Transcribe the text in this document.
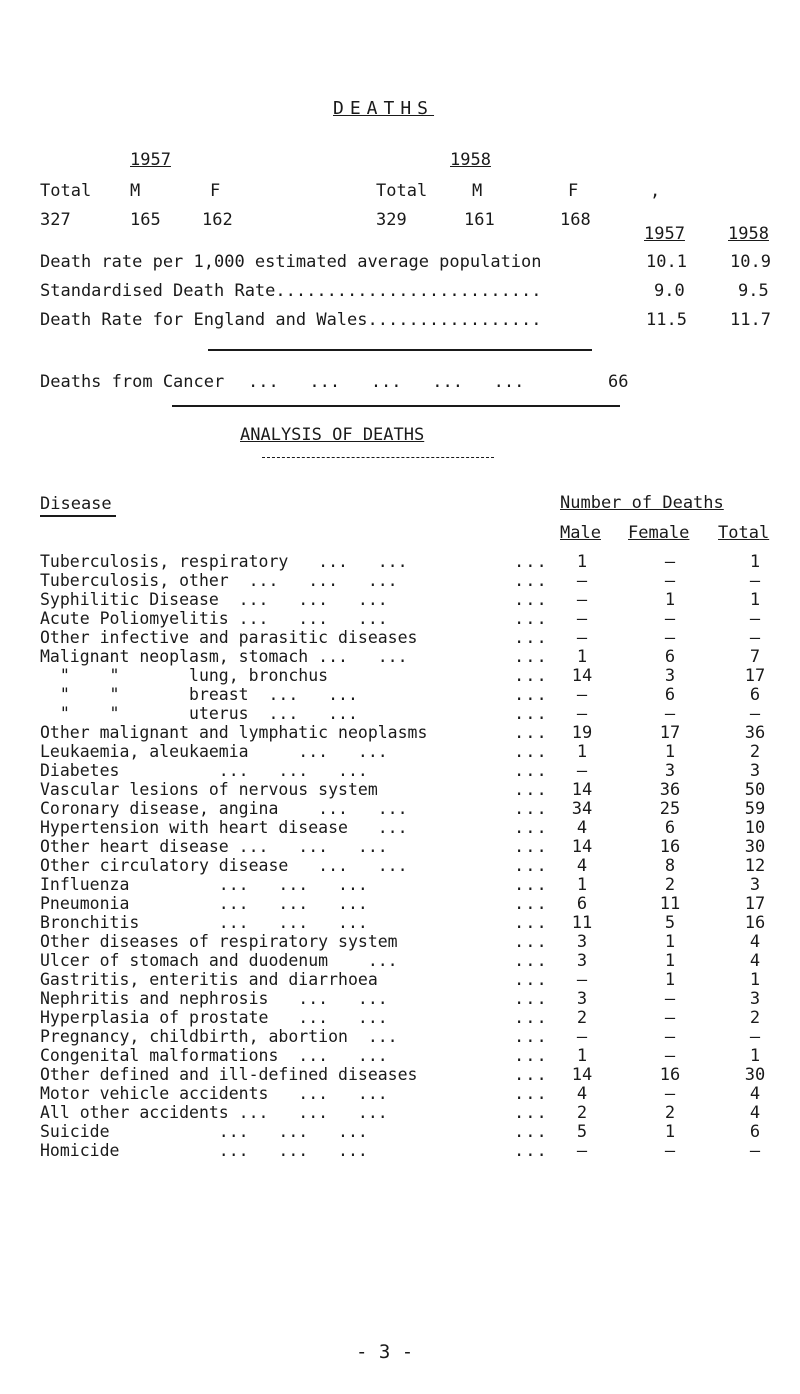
DEATHS
1957	1958
Total M	F	Total	M	F	,
327	165 162	329	161	168
1957	1958
Death rate per 1,000 estimated average population	10.1	10.9
Standardised Death Rate..........................	9.0	9.5
Death Rate for England and Wales.................	11.5	11.7
Deaths from Cancer ...   ...   ...   ...   ...	66
ANALYSIS OF DEATHS
Disease	Number of Deaths
Male Female Total
Tuberculosis, respiratory   ...   ...	...	1	–	1
Tuberculosis, other  ...   ...   ...	...	–	–	–
Syphilitic Disease  ...   ...   ...	...	–	1	1
Acute Poliomyelitis ...   ...   ...	...	–	–	–
Other infective and parasitic diseases	...	–	–	–
Malignant neoplasm, stomach ...   ...	...	1	6	7
"    "       lung, bronchus	...	14	3	17
"    "       breast  ...   ...	...	–	6	6
"    "       uterus  ...   ...	...	–	–	–
Other malignant and lymphatic neoplasms	...	19	17	36
Leukaemia, aleukaemia     ...   ...	...	1	1	2
Diabetes          ...   ...   ...	...	–	3	3
Vascular lesions of nervous system	...	14	36	50
Coronary disease, angina    ...   ...	...	34	25	59
Hypertension with heart disease   ...	...	4	6	10
Other heart disease ...   ...   ...	...	14	16	30
Other circulatory disease   ...   ...	...	4	8	12
Influenza         ...   ...   ...	...	1	2	3
Pneumonia         ...   ...   ...	...	6	11	17
Bronchitis        ...   ...   ...	...	11	5	16
Other diseases of respiratory system	...	3	1	4
Ulcer of stomach and duodenum    ...	...	3	1	4
Gastritis, enteritis and diarrhoea	...	–	1	1
Nephritis and nephrosis   ...   ...	...	3	–	3
Hyperplasia of prostate   ...   ...	...	2	–	2
Pregnancy, childbirth, abortion  ...	...	–	–	–
Congenital malformations  ...   ...	...	1	–	1
Other defined and ill-defined diseases	...	14	16	30
Motor vehicle accidents   ...   ...	...	4	–	4
All other accidents ...   ...   ...	...	2	2	4
Suicide           ...   ...   ...	...	5	1	6
Homicide          ...   ...   ...	...	–	–	–
- 3 -
